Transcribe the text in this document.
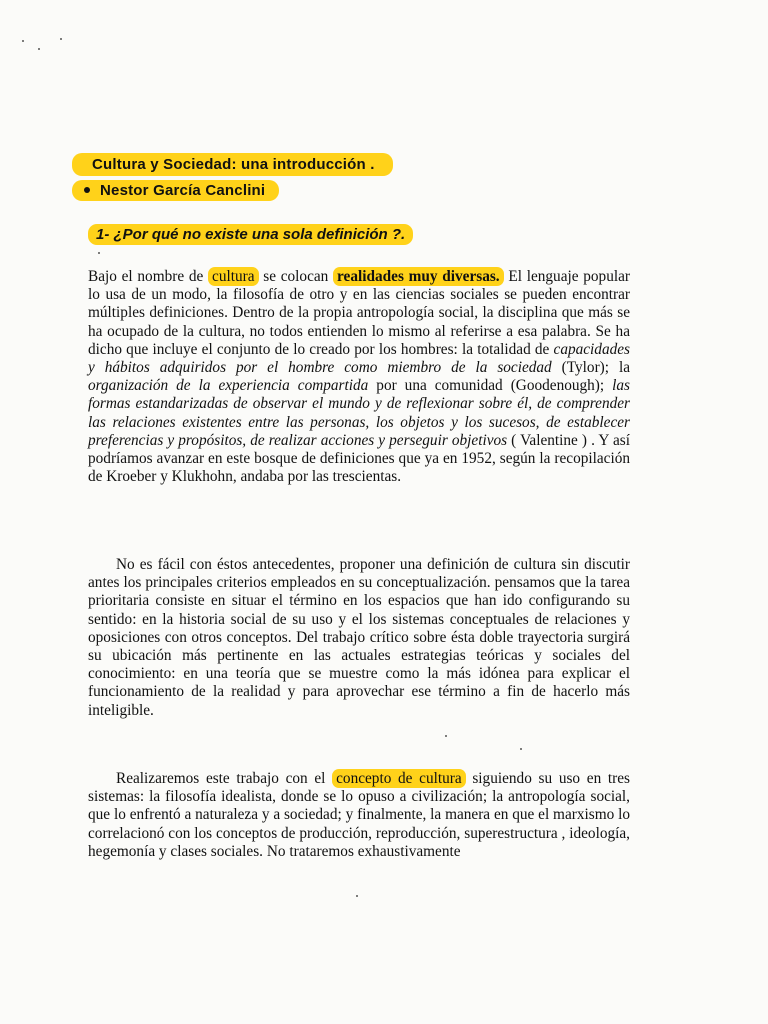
Cultura y Sociedad: una introducción .
Nestor García Canclini
1- ¿Por qué no existe una sola definición ?.

Bajo el nombre de cultura se colocan realidades muy diversas. El lenguaje popular lo usa de un modo, la filosofía de otro y en las ciencias sociales se pueden encontrar múltiples definiciones. Dentro de la propia antropología social, la disciplina que más se ha ocupado de la cultura, no todos entienden lo mismo al referirse a esa palabra. Se ha dicho que incluye el conjunto de lo creado por los hombres: la totalidad de capacidades y hábitos adquiridos por el hombre como miembro de la sociedad (Tylor); la organización de la experiencia compartida por una comunidad (Goodenough); las formas estandarizadas de observar el mundo y de reflexionar sobre él, de comprender las relaciones existentes entre las personas, los objetos y los sucesos, de establecer preferencias y propósitos, de realizar acciones y perseguir objetivos ( Valentine ) . Y así podríamos avanzar en este bosque de definiciones que ya en 1952, según la recopilación de Kroeber y Klukhohn, andaba por las trescientas.

No es fácil con éstos antecedentes, proponer una definición de cultura sin discutir antes los principales criterios empleados en su conceptualización. pensamos que la tarea prioritaria consiste en situar el término en los espacios que han ido configurando su sentido: en la historia social de su uso y el los sistemas conceptuales de relaciones y oposiciones con otros conceptos. Del trabajo crítico sobre ésta doble trayectoria surgirá su ubicación más pertinente en las actuales estrategias teóricas y sociales del conocimiento: en una teoría que se muestre como la más idónea para explicar el funcionamiento de la realidad y para aprovechar ese término a fin de hacerlo más inteligible.

Realizaremos este trabajo con el concepto de cultura siguiendo su uso en tres sistemas: la filosofía idealista, donde se lo opuso a civilización; la antropología social, que lo enfrentó a naturaleza y a sociedad; y finalmente, la manera en que el marxismo lo correlacionó con los conceptos de producción, reproducción, superestructura , ideología, hegemonía y clases sociales. No trataremos exhaustivamente
